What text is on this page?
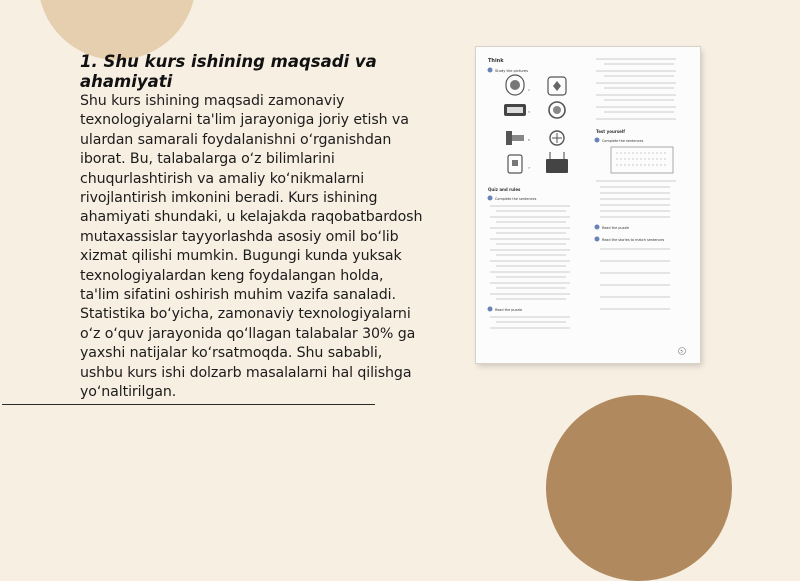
1. Shu kurs ishining maqsadi va ahamiyati

Shu kurs ishining maqsadi zamonaviy texnologiyalarni ta'lim jarayoniga joriy etish va ulardan samarali foydalanishni o‘rganishdan iborat. Bu, talabalarga o‘z bilimlarini chuqurlashtirish va amaliy ko‘nikmalarni rivojlantirish imkonini beradi. Kurs ishining ahamiyati shundaki, u kelajakda raqobatbardosh mutaxassislar tayyorlashda asosiy omil bo‘lib xizmat qilishi mumkin. Bugungi kunda yuksak texnologiyalardan keng foydalangan holda, ta'lim sifatini oshirish muhim vazifa sanaladi. Statistika bo‘yicha, zamonaviy texnologiyalarni o‘z o‘quv jarayonida qo‘llagan talabalar 30% ga yaxshi natijalar ko‘rsatmoqda. Shu sababli, ushbu kurs ishi dolzarb masalalarni hal qilishga yo‘naltirilgan.

Think
Study the pictures
1
3
5
7
Quiz and rules
Complete the sentences
Read the puzzle
Test yourself
Complete the sentences
Read the puzzle
Read the stories to match sentences
5
